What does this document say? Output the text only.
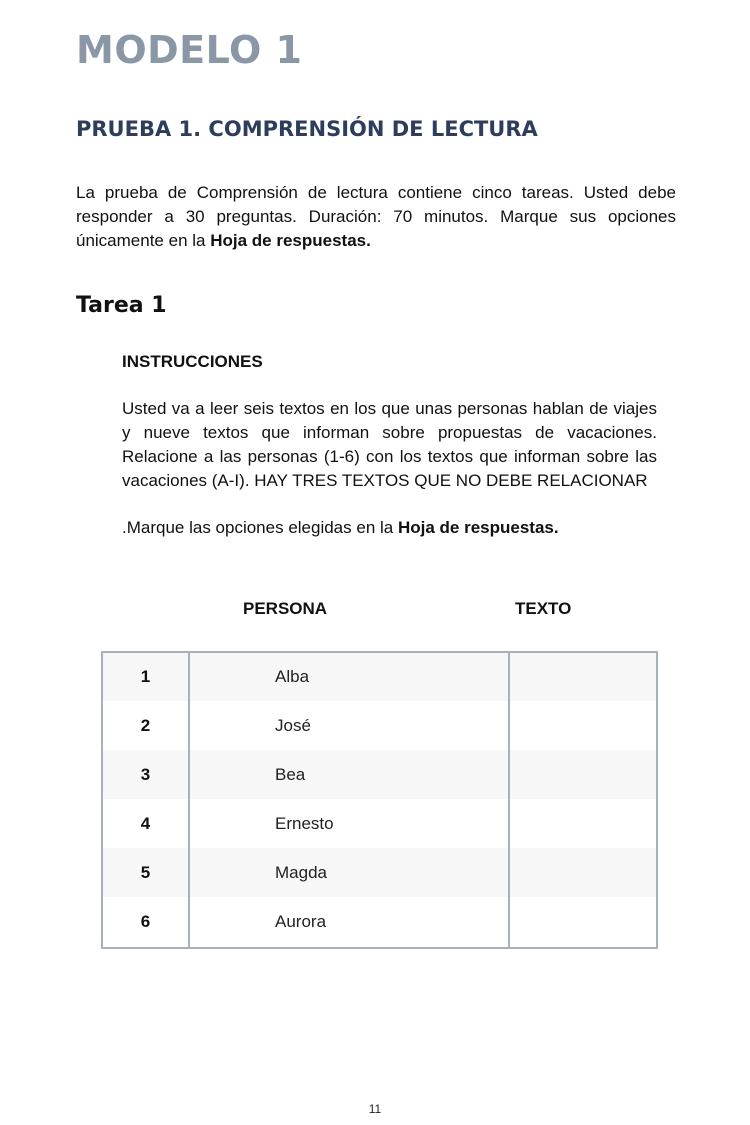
MODELO 1
PRUEBA 1. COMPRENSIÓN DE LECTURA
La prueba de Comprensión de lectura contiene cinco tareas. Usted debe responder a 30 preguntas. Duración: 70 minutos. Marque sus opciones únicamente en la Hoja de respuestas.
Tarea 1
INSTRUCCIONES
Usted va a leer seis textos en los que unas personas hablan de viajes y nueve textos que informan sobre propuestas de vacaciones. Relacione a las personas (1-6) con los textos que informan sobre las vacaciones (A-I). HAY TRES TEXTOS QUE NO DEBE RELACIONAR
.Marque las opciones elegidas en la Hoja de respuestas.
PERSONA	TEXTO
1	Alba	
2	José	
3	Bea	
4	Ernesto	
5	Magda	
6	Aurora	
11
